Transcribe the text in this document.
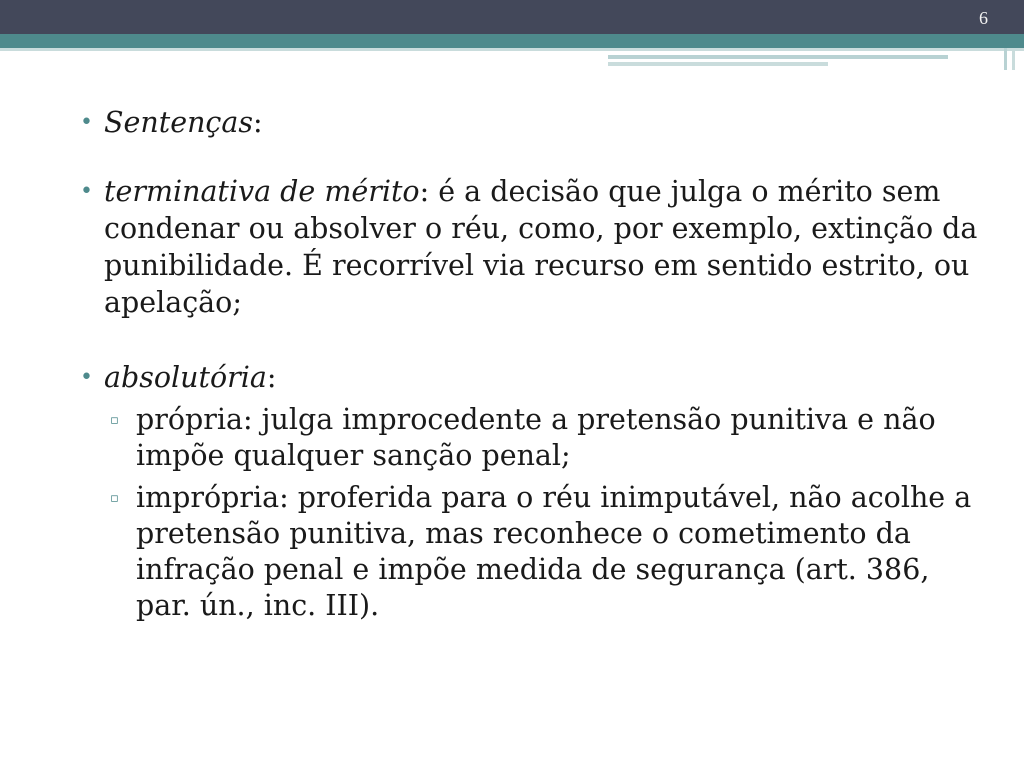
6
• Sentenças:
• terminativa de mérito: é a decisão que julga o mérito sem condenar ou absolver o réu, como, por exemplo, extinção da punibilidade. É recorrível via recurso em sentido estrito, ou apelação;
• absolutória:
▫ própria: julga improcedente a pretensão punitiva e não impõe qualquer sanção penal;
▫ imprópria: proferida para o réu inimputável, não acolhe a pretensão punitiva, mas reconhece o cometimento da infração penal e impõe medida de segurança (art. 386, par. ún., inc. III).
